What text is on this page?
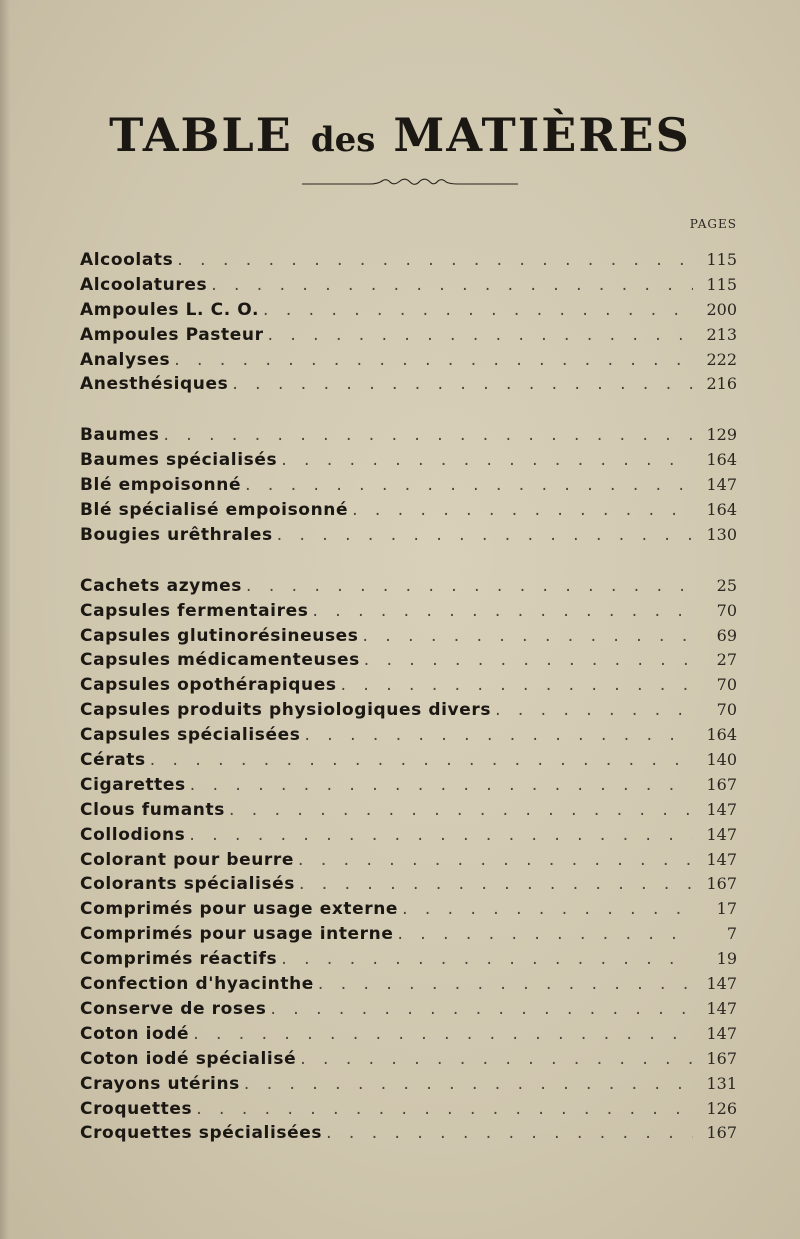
TABLE des MATIÈRES
PAGES
Alcoolats . . .	115
Alcoolatures . . .	115
Ampoules L. C. O. . . .	200
Ampoules Pasteur . . .	213
Analyses . . .	222
Anesthésiques . . .	216
Baumes . . .	129
Baumes spécialisés . . .	164
Blé empoisonné . . .	147
Blé spécialisé empoisonné . . .	164
Bougies urêthrales . . .	130
Cachets azymes . . .	25
Capsules fermentaires . . .	70
Capsules glutinorésineuses . . .	69
Capsules médicamenteuses . . .	27
Capsules opothérapiques . . .	70
Capsules produits physiologiques divers . . .	70
Capsules spécialisées . . .	164
Cérats . . .	140
Cigarettes . . .	167
Clous fumants . . .	147
Collodions . . .	147
Colorant pour beurre . . .	147
Colorants spécialisés . . .	167
Comprimés pour usage externe . . .	17
Comprimés pour usage interne . . .	7
Comprimés réactifs . . .	19
Confection d'hyacinthe . . .	147
Conserve de roses . . .	147
Coton iodé . . .	147
Coton iodé spécialisé . . .	167
Crayons utérins . . .	131
Croquettes . . .	126
Croquettes spécialisées . . .	167
